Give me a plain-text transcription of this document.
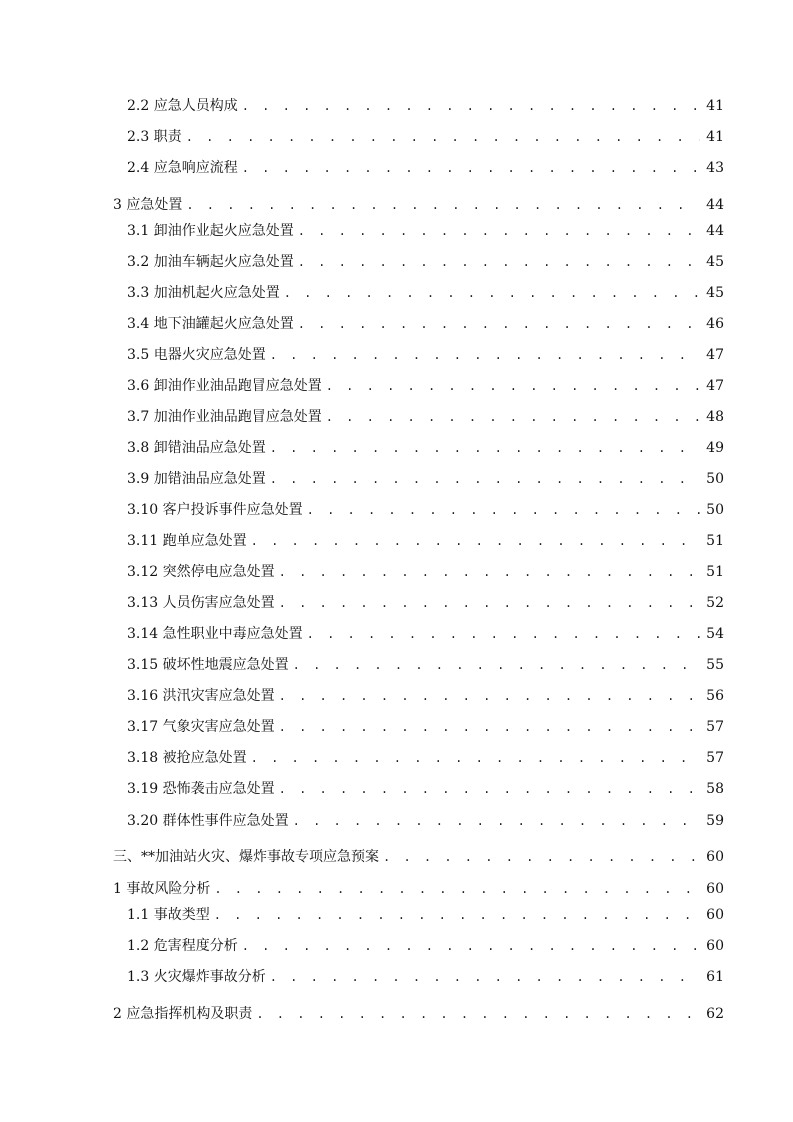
2.2 应急人员构成 . . .	41
2.3 职责 . . .	41
2.4 应急响应流程 . . .	43
3 应急处置 . . .	44
3.1 卸油作业起火应急处置 . . .	44
3.2 加油车辆起火应急处置 . . .	45
3.3 加油机起火应急处置 . . .	45
3.4 地下油罐起火应急处置 . . .	46
3.5 电器火灾应急处置 . . .	47
3.6 卸油作业油品跑冒应急处置 . . .	47
3.7 加油作业油品跑冒应急处置 . . .	48
3.8 卸错油品应急处置 . . .	49
3.9 加错油品应急处置 . . .	50
3.10 客户投诉事件应急处置 . . .	50
3.11 跑单应急处置 . . .	51
3.12 突然停电应急处置 . . .	51
3.13 人员伤害应急处置 . . .	52
3.14 急性职业中毒应急处置 . . .	54
3.15 破坏性地震应急处置 . . .	55
3.16 洪汛灾害应急处置 . . .	56
3.17 气象灾害应急处置 . . .	57
3.18 被抢应急处置 . . .	57
3.19 恐怖袭击应急处置 . . .	58
3.20 群体性事件应急处置 . . .	59
三、**加油站火灾、爆炸事故专项应急预案 . . .	60
1 事故风险分析 . . .	60
1.1 事故类型 . . .	60
1.2 危害程度分析 . . .	60
1.3 火灾爆炸事故分析 . . .	61
2 应急指挥机构及职责 . . .	62
